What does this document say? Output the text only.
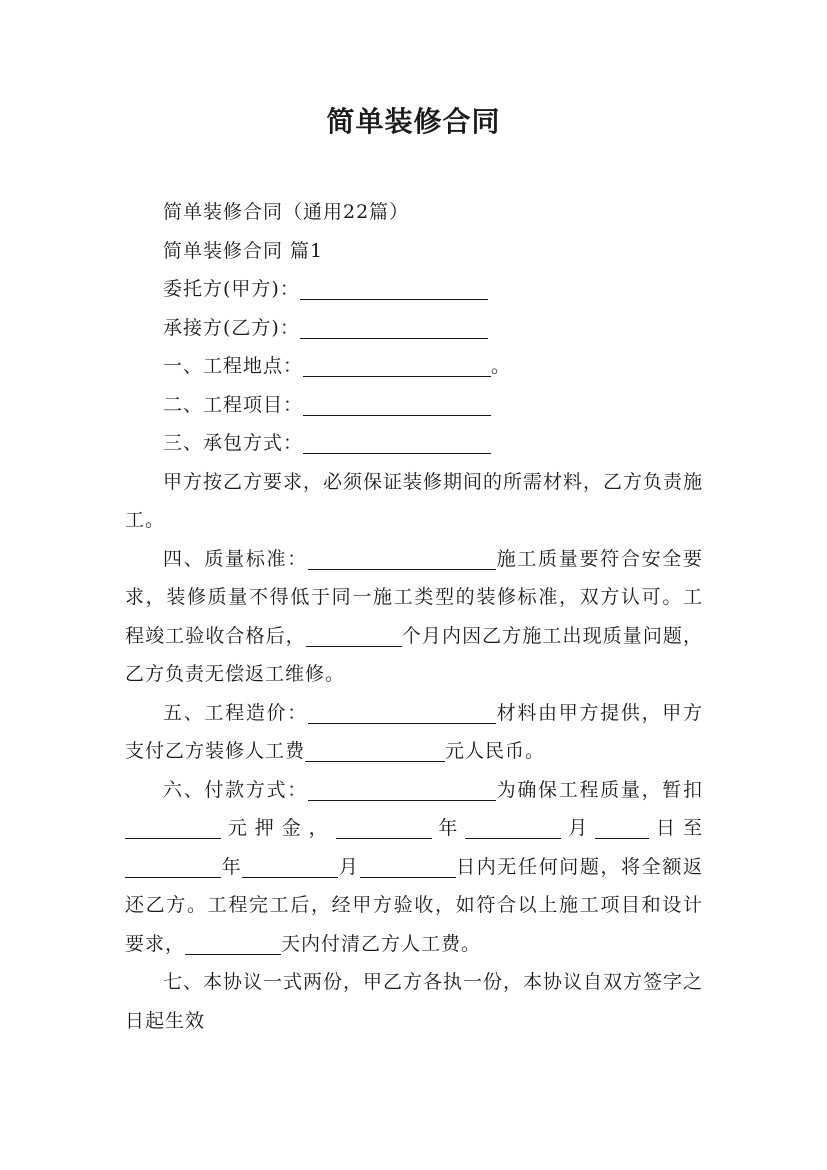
简单装修合同

简单装修合同（通用22篇）

简单装修合同 篇1

委托方(甲方)：

承接方(乙方)：

一、工程地点：	。

二、工程项目：

三、承包方式：

甲方按乙方要求，必须保证装修期间的所需材料，乙方负责施工。

四、质量标准：	施工质量要符合安全要求，装修质量不得低于同一施工类型的装修标准，双方认可。工程竣工验收合格后，	个月内因乙方施工出现质量问题，乙方负责无偿返工维修。

五、工程造价：	材料由甲方提供，甲方支付乙方装修人工费	元人民币。

六、付款方式：	为确保工程质量，暂扣元押金，	年	月	日至年	月	日内无任何问题，将全额返还乙方。工程完工后，经甲方验收，如符合以上施工项目和设计要求，	天内付清乙方人工费。

七、本协议一式两份，甲乙方各执一份，本协议自双方签字之日起生效
